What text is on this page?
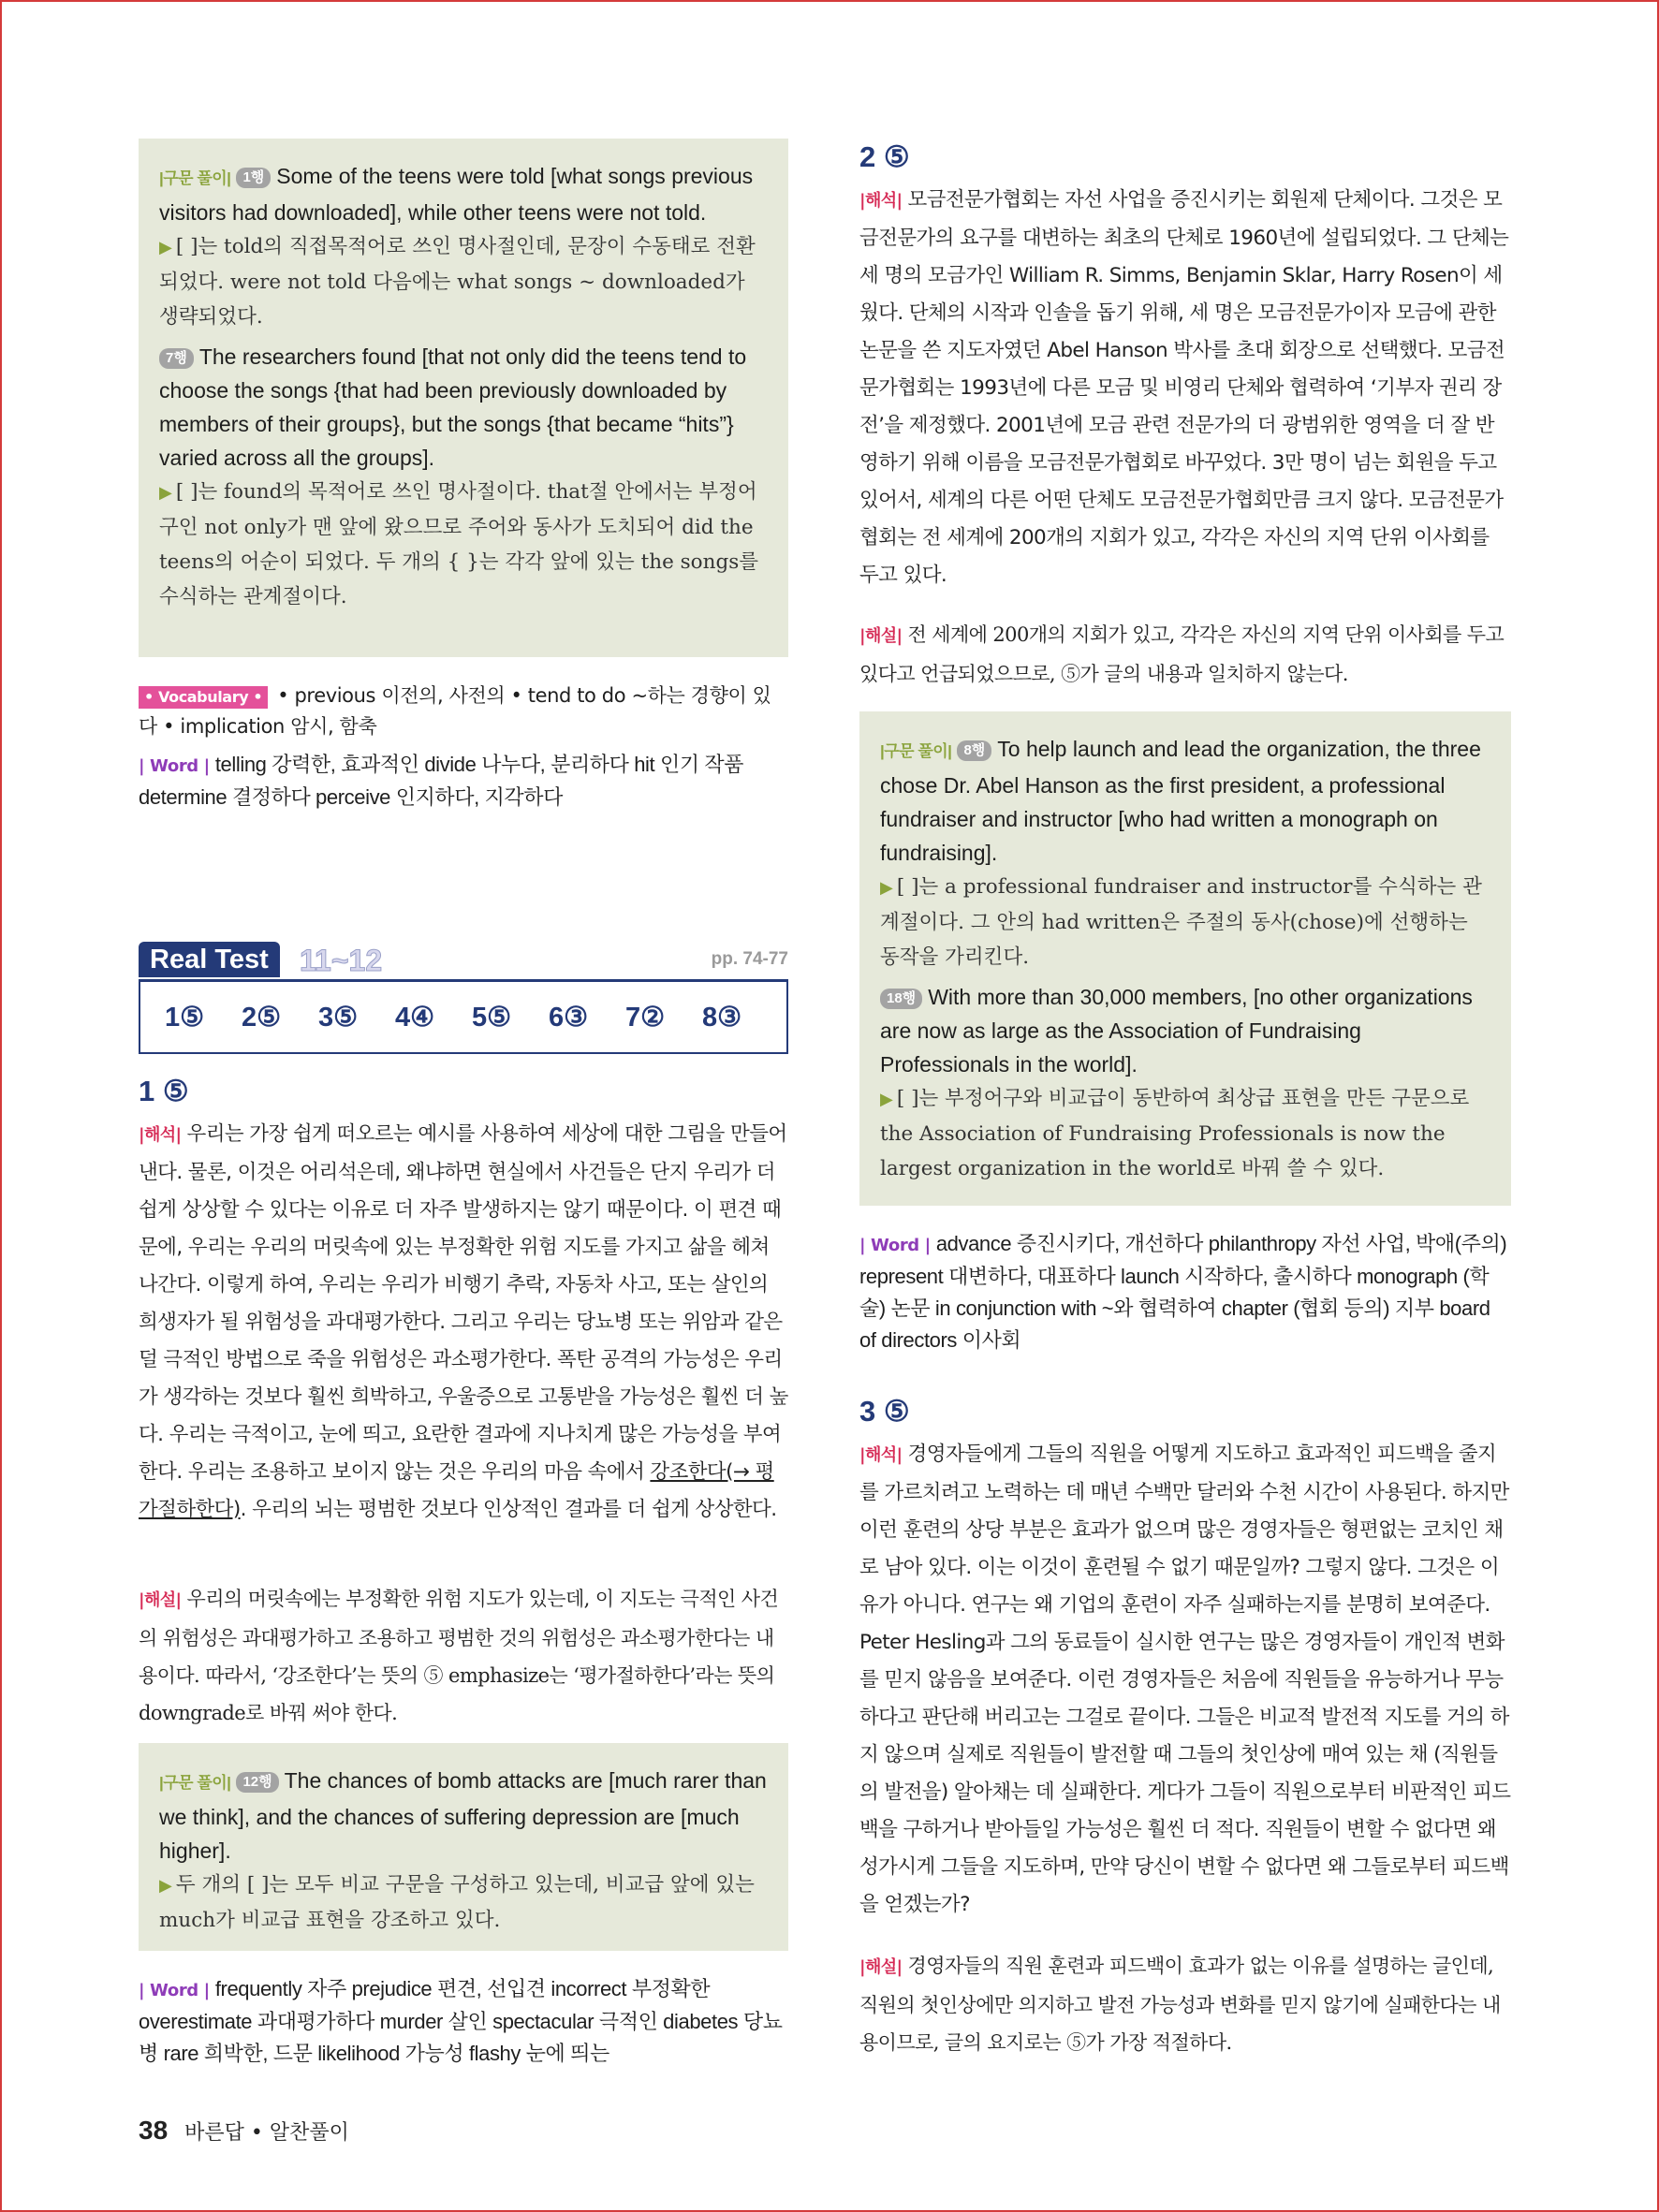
|구문 풀이| 1행 Some of the teens were told [what songs previous visitors had downloaded], while other teens were not told.

▶ [ ]는 told의 직접목적어로 쓰인 명사절인데, 문장이 수동태로 전환되었다. were not told 다음에는 what songs ~ downloaded가 생략되었다.

7행 The researchers found [that not only did the teens tend to choose the songs {that had been previously downloaded by members of their groups}, but the songs {that became “hits”} varied across all the groups].

▶ [ ]는 found의 목적어로 쓰인 명사절이다. that절 안에서는 부정어구인 not only가 맨 앞에 왔으므로 주어와 동사가 도치되어 did the teens의 어순이 되었다. 두 개의 { }는 각각 앞에 있는 the songs를 수식하는 관계절이다.

• Vocabulary • • previous 이전의, 사전의 • tend to do ~하는 경향이 있다 • implication 암시, 함축
| Word | telling 강력한, 효과적인 divide 나누다, 분리하다 hit 인기 작품 determine 결정하다 perceive 인지하다, 지각하다
Real Test	11~12	pp. 74-77
1⑤	2⑤	3⑤	4④	5⑤	6③	7②	8③
1 ⑤
|해석| 우리는 가장 쉽게 떠오르는 예시를 사용하여 세상에 대한 그림을 만들어 낸다. 물론, 이것은 어리석은데, 왜냐하면 현실에서 사건들은 단지 우리가 더 쉽게 상상할 수 있다는 이유로 더 자주 발생하지는 않기 때문이다. 이 편견 때문에, 우리는 우리의 머릿속에 있는 부정확한 위험 지도를 가지고 삶을 헤쳐 나간다. 이렇게 하여, 우리는 우리가 비행기 추락, 자동차 사고, 또는 살인의 희생자가 될 위험성을 과대평가한다. 그리고 우리는 당뇨병 또는 위암과 같은 덜 극적인 방법으로 죽을 위험성은 과소평가한다. 폭탄 공격의 가능성은 우리가 생각하는 것보다 훨씬 희박하고, 우울증으로 고통받을 가능성은 훨씬 더 높다. 우리는 극적이고, 눈에 띄고, 요란한 결과에 지나치게 많은 가능성을 부여한다. 우리는 조용하고 보이지 않는 것은 우리의 마음 속에서 강조한다(→ 평가절하한다). 우리의 뇌는 평범한 것보다 인상적인 결과를 더 쉽게 상상한다.
|해설| 우리의 머릿속에는 부정확한 위험 지도가 있는데, 이 지도는 극적인 사건의 위험성은 과대평가하고 조용하고 평범한 것의 위험성은 과소평가한다는 내용이다. 따라서, ‘강조한다’는 뜻의 ⑤ emphasize는 ‘평가절하한다’라는 뜻의 downgrade로 바꿔 써야 한다.

|구문 풀이| 12행 The chances of bomb attacks are [much rarer than we think], and the chances of suffering depression are [much higher].

▶ 두 개의 [ ]는 모두 비교 구문을 구성하고 있는데, 비교급 앞에 있는 much가 비교급 표현을 강조하고 있다.

| Word | frequently 자주 prejudice 편견, 선입견 incorrect 부정확한 overestimate 과대평가하다 murder 살인 spectacular 극적인 diabetes 당뇨병 rare 희박한, 드문 likelihood 가능성 flashy 눈에 띄는
2 ⑤
|해석| 모금전문가협회는 자선 사업을 증진시키는 회원제 단체이다. 그것은 모금전문가의 요구를 대변하는 최초의 단체로 1960년에 설립되었다. 그 단체는 세 명의 모금가인 William R. Simms, Benjamin Sklar, Harry Rosen이 세웠다. 단체의 시작과 인솔을 돕기 위해, 세 명은 모금전문가이자 모금에 관한 논문을 쓴 지도자였던 Abel Hanson 박사를 초대 회장으로 선택했다. 모금전문가협회는 1993년에 다른 모금 및 비영리 단체와 협력하여 ‘기부자 권리 장전’을 제정했다. 2001년에 모금 관련 전문가의 더 광범위한 영역을 더 잘 반영하기 위해 이름을 모금전문가협회로 바꾸었다. 3만 명이 넘는 회원을 두고 있어서, 세계의 다른 어떤 단체도 모금전문가협회만큼 크지 않다. 모금전문가협회는 전 세계에 200개의 지회가 있고, 각각은 자신의 지역 단위 이사회를 두고 있다.
|해설| 전 세계에 200개의 지회가 있고, 각각은 자신의 지역 단위 이사회를 두고 있다고 언급되었으므로, ⑤가 글의 내용과 일치하지 않는다.

|구문 풀이| 8행 To help launch and lead the organization, the three chose Dr. Abel Hanson as the first president, a professional fundraiser and instructor [who had written a monograph on fundraising].

▶ [ ]는 a professional fundraiser and instructor를 수식하는 관계절이다. 그 안의 had written은 주절의 동사(chose)에 선행하는 동작을 가리킨다.

18행 With more than 30,000 members, [no other organizations are now as large as the Association of Fundraising Professionals in the world].

▶ [ ]는 부정어구와 비교급이 동반하여 최상급 표현을 만든 구문으로 the Association of Fundraising Professionals is now the largest organization in the world로 바꿔 쓸 수 있다.

| Word | advance 증진시키다, 개선하다 philanthropy 자선 사업, 박애(주의) represent 대변하다, 대표하다 launch 시작하다, 출시하다 monograph (학술) 논문 in conjunction with ~와 협력하여 chapter (협회 등의) 지부 board of directors 이사회
3 ⑤
|해석| 경영자들에게 그들의 직원을 어떻게 지도하고 효과적인 피드백을 줄지를 가르치려고 노력하는 데 매년 수백만 달러와 수천 시간이 사용된다. 하지만 이런 훈련의 상당 부분은 효과가 없으며 많은 경영자들은 형편없는 코치인 채로 남아 있다. 이는 이것이 훈련될 수 없기 때문일까? 그렇지 않다. 그것은 이유가 아니다. 연구는 왜 기업의 훈련이 자주 실패하는지를 분명히 보여준다. Peter Hesling과 그의 동료들이 실시한 연구는 많은 경영자들이 개인적 변화를 믿지 않음을 보여준다. 이런 경영자들은 처음에 직원들을 유능하거나 무능하다고 판단해 버리고는 그걸로 끝이다. 그들은 비교적 발전적 지도를 거의 하지 않으며 실제로 직원들이 발전할 때 그들의 첫인상에 매여 있는 채 (직원들의 발전을) 알아채는 데 실패한다. 게다가 그들이 직원으로부터 비판적인 피드백을 구하거나 받아들일 가능성은 훨씬 더 적다. 직원들이 변할 수 없다면 왜 성가시게 그들을 지도하며, 만약 당신이 변할 수 없다면 왜 그들로부터 피드백을 얻겠는가?
|해설| 경영자들의 직원 훈련과 피드백이 효과가 없는 이유를 설명하는 글인데, 직원의 첫인상에만 의지하고 발전 가능성과 변화를 믿지 않기에 실패한다는 내용이므로, 글의 요지로는 ⑤가 가장 적절하다.
38 바른답 • 알찬풀이
